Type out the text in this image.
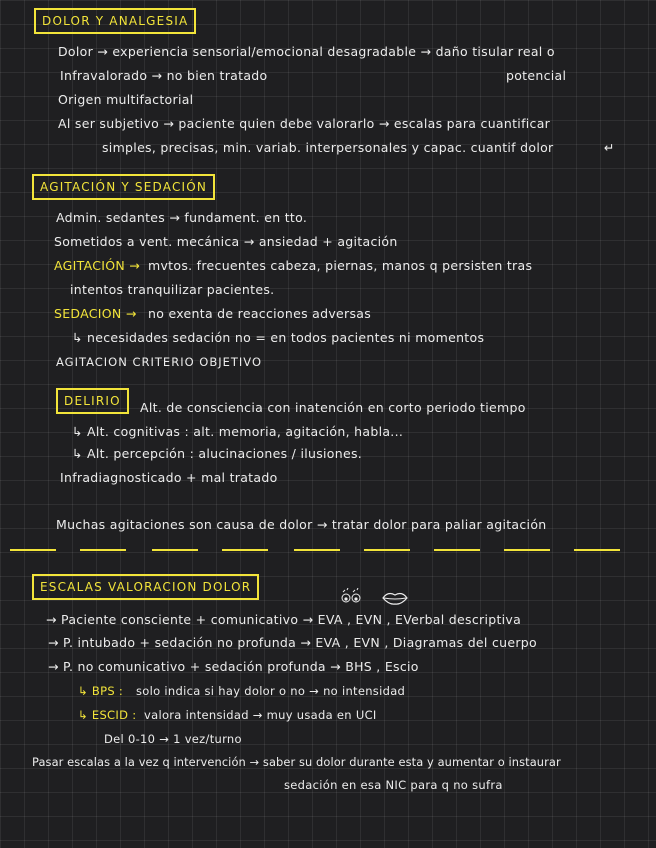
DOLOR Y ANALGESIA
Dolor → experiencia sensorial/emocional desagradable → daño tisular real o
Infravalorado → no bien tratado	potencial
Origen multifactorial
Al ser subjetivo → paciente quien debe valorarlo → escalas para cuantificar
simples, precisas, min. variab. interpersonales y capac. cuantif dolor	↵
AGITACIÓN Y SEDACIÓN
Admin. sedantes → fundament. en tto.
Sometidos a vent. mecánica → ansiedad + agitación
AGITACIÓN → mvtos. frecuentes cabeza, piernas, manos q persisten tras
intentos tranquilizar pacientes.
SEDACION → no exenta de reacciones adversas
↳ necesidades sedación no = en todos pacientes ni momentos
AGITACION CRITERIO OBJETIVO
DELIRIO	Alt. de consciencia con inatención en corto periodo tiempo
↳ Alt. cognitivas : alt. memoria, agitación, habla...
↳ Alt. percepción : alucinaciones / ilusiones.
Infradiagnosticado + mal tratado
Muchas agitaciones son causa de dolor → tratar dolor para paliar agitación
ESCALAS VALORACION DOLOR
→ Paciente consciente + comunicativo → EVA , EVN , EVerbal descriptiva
→ P. intubado + sedación no profunda → EVA , EVN , Diagramas del cuerpo
→ P. no comunicativo + sedación profunda → BHS , Escio
↳ BPS : solo indica si hay dolor o no → no intensidad
↳ ESCID : valora intensidad → muy usada en UCI
Del 0-10 → 1 vez/turno
Pasar escalas a la vez q intervención → saber su dolor durante esta y aumentar o instaurar
sedación en esa NIC para q no sufra
